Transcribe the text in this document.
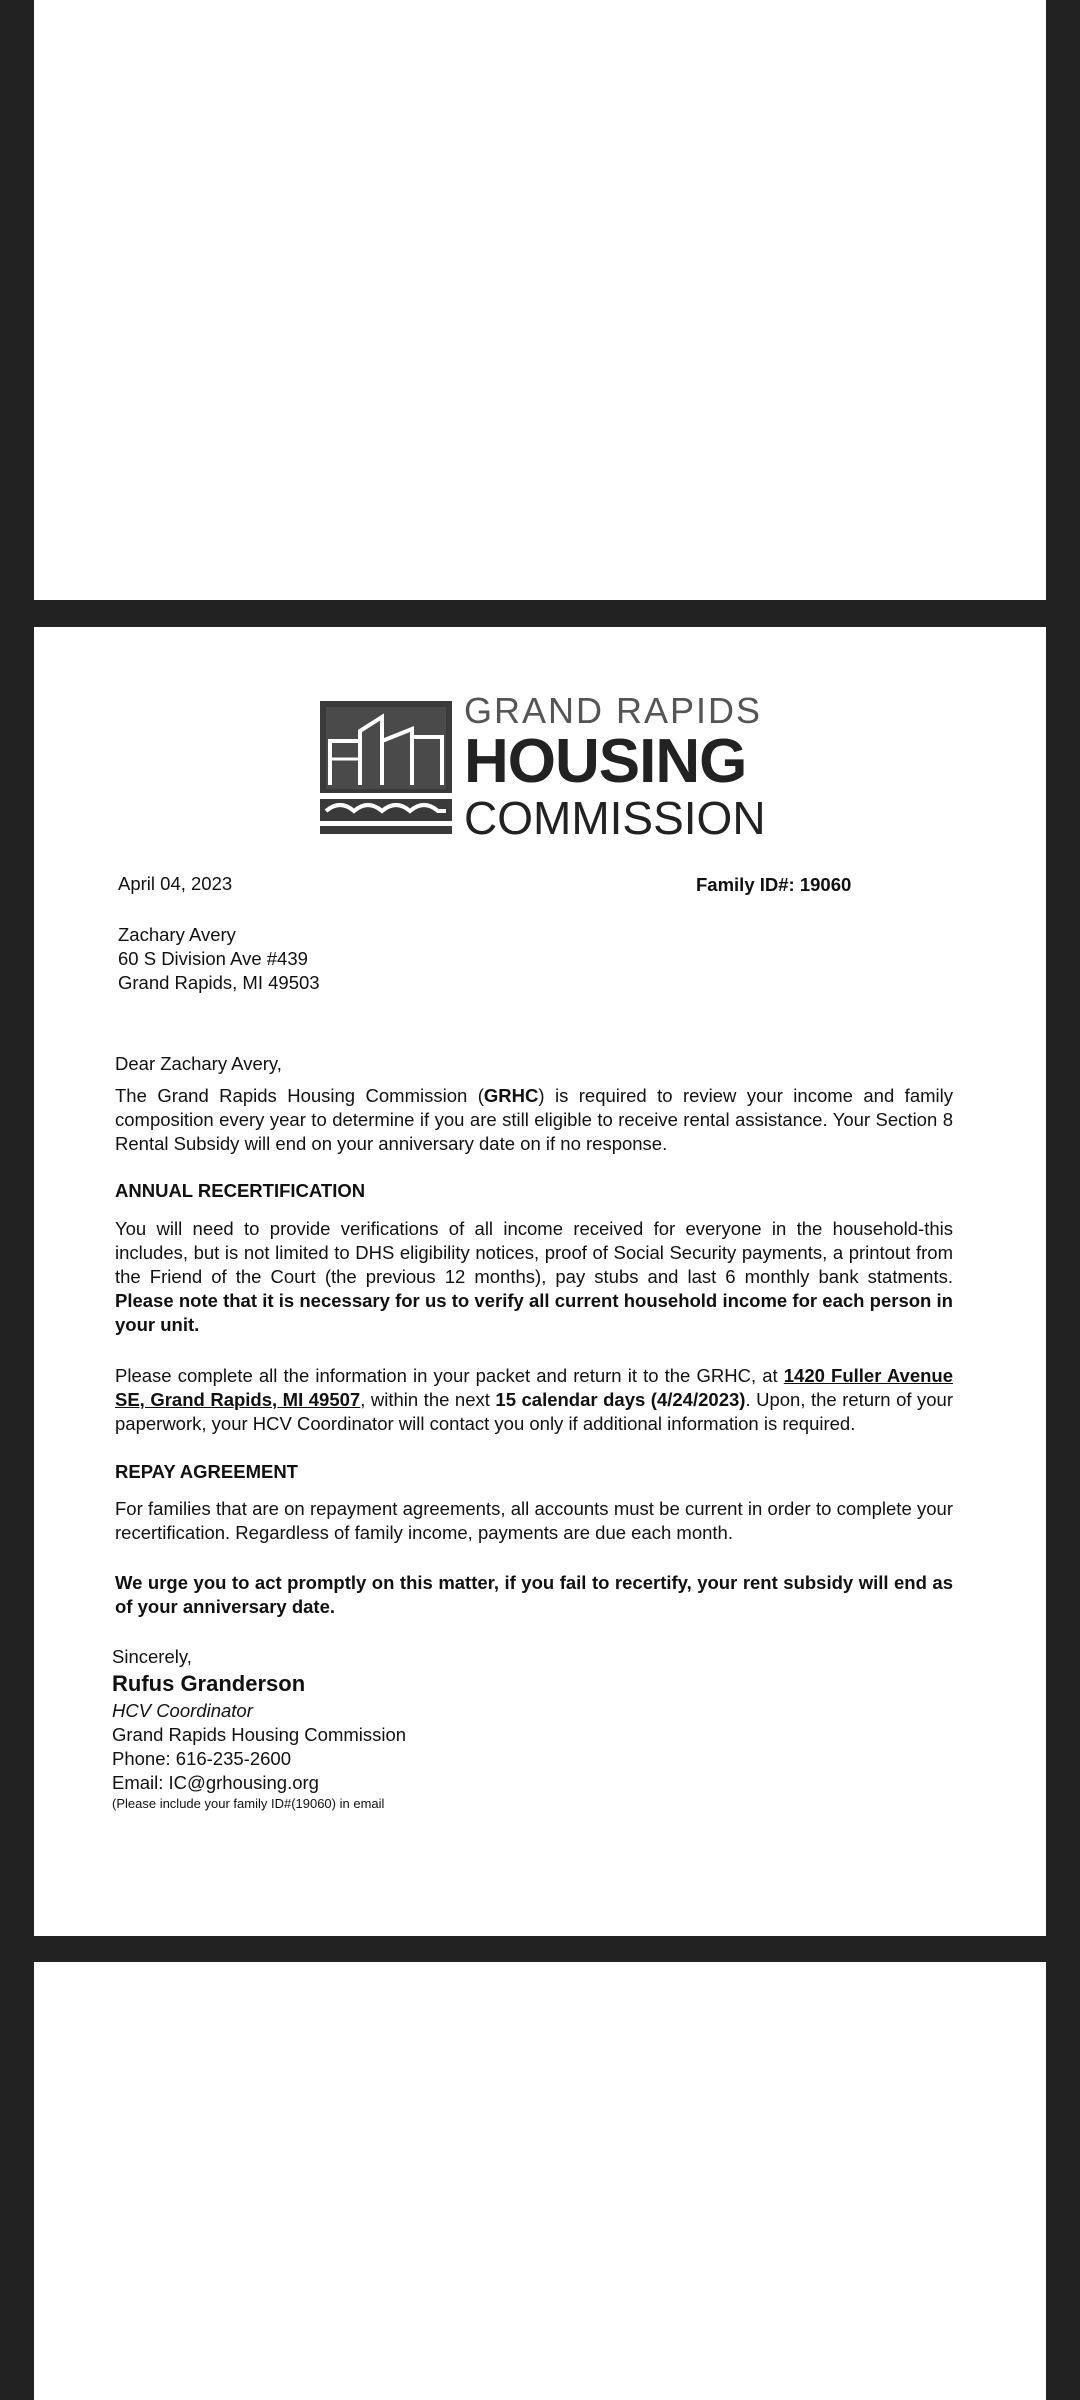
GRAND RAPIDS
HOUSING
COMMISSION
April 04, 2023	Family ID#: 19060
Zachary Avery
60 S Division Ave #439
Grand Rapids, MI 49503
Dear Zachary Avery,
The Grand Rapids Housing Commission (GRHC) is required to review your income and family composition every year to determine if you are still eligible to receive rental assistance. Your Section 8 Rental Subsidy will end on your anniversary date on if no response.
ANNUAL RECERTIFICATION
You will need to provide verifications of all income received for everyone in the household-this includes, but is not limited to DHS eligibility notices, proof of Social Security payments, a printout from the Friend of the Court (the previous 12 months), pay stubs and last 6 monthly bank statments. Please note that it is necessary for us to verify all current household income for each person in your unit.
Please complete all the information in your packet and return it to the GRHC, at 1420 Fuller Avenue SE, Grand Rapids, MI 49507, within the next 15 calendar days (4/24/2023). Upon, the return of your paperwork, your HCV Coordinator will contact you only if additional information is required.
REPAY AGREEMENT
For families that are on repayment agreements, all accounts must be current in order to complete your recertification. Regardless of family income, payments are due each month.
We urge you to act promptly on this matter, if you fail to recertify, your rent subsidy will end as of your anniversary date.
Sincerely,
Rufus Granderson
HCV Coordinator
Grand Rapids Housing Commission
Phone: 616-235-2600
Email: IC@grhousing.org
(Please include your family ID#(19060) in email
